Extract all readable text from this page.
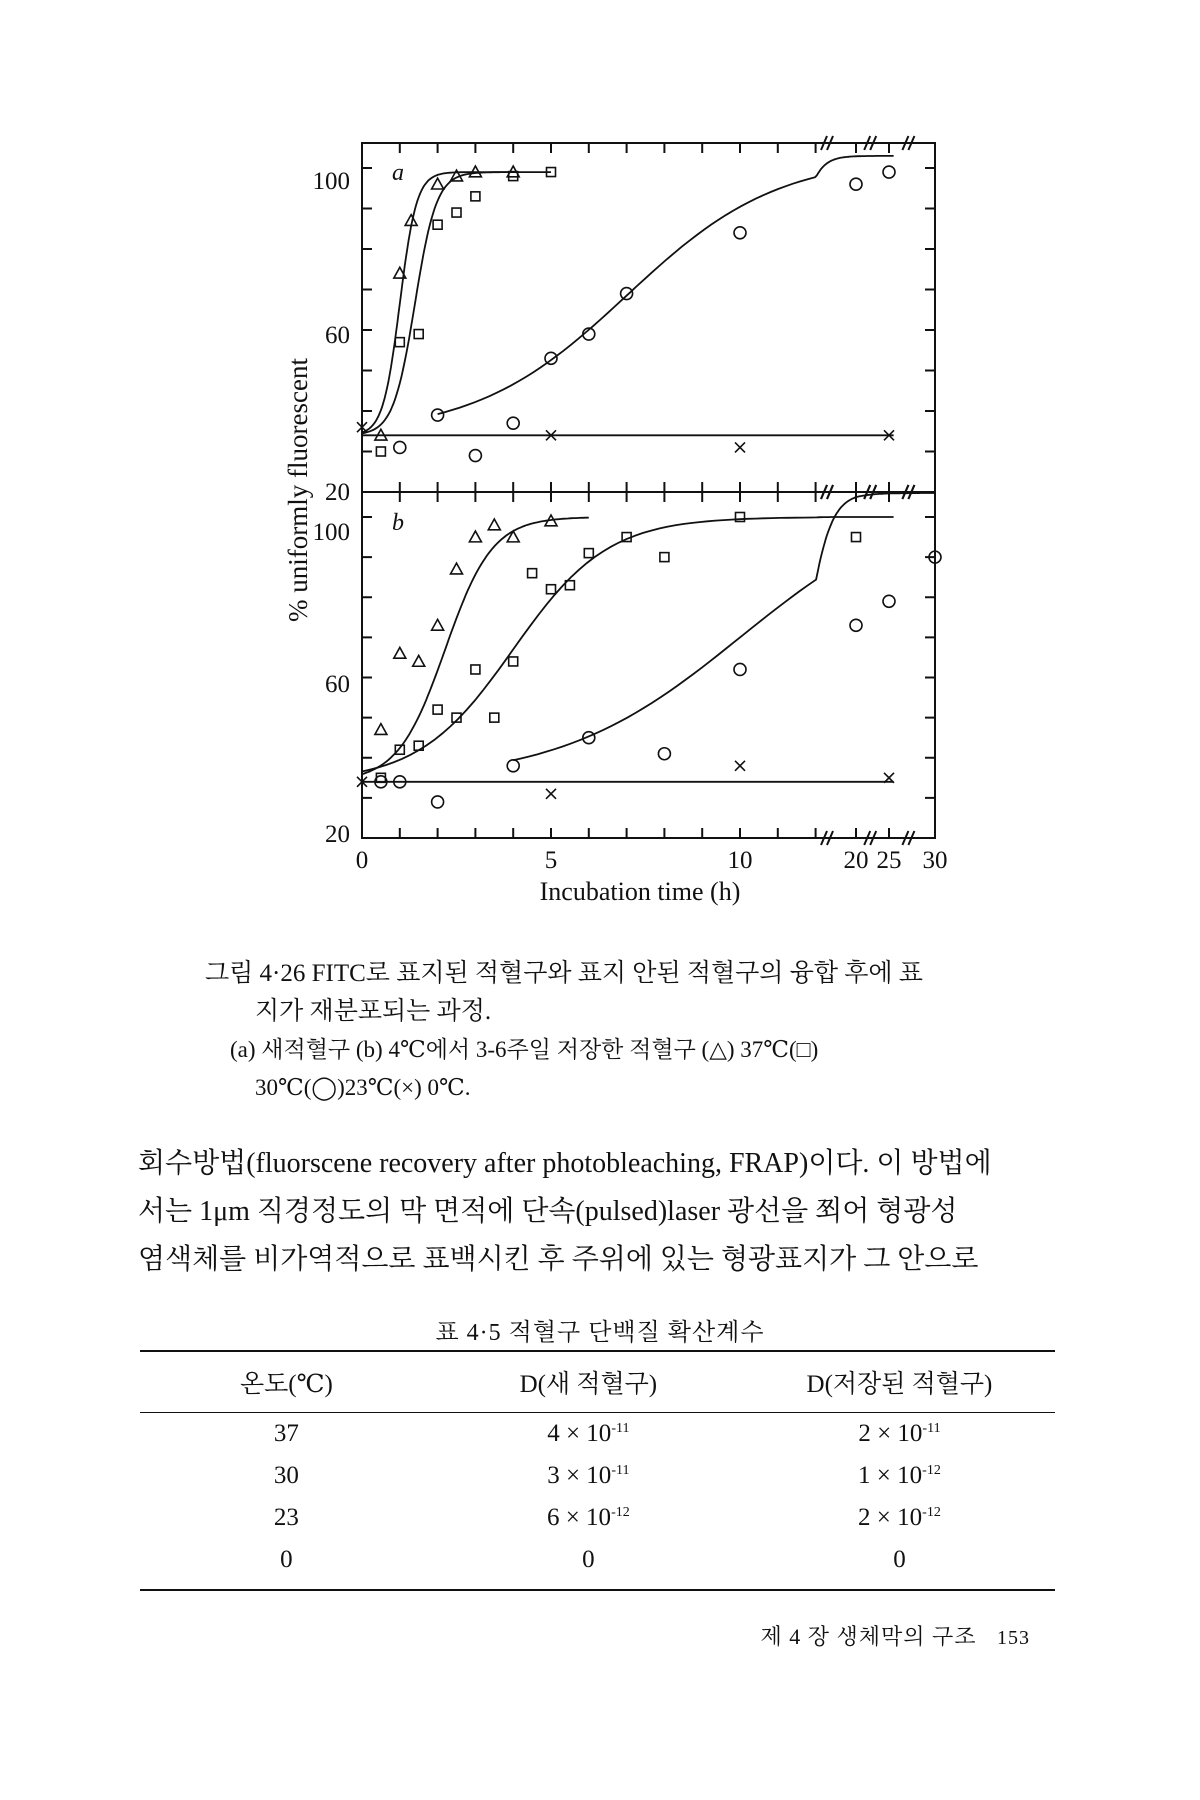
100
60
20
100
60
20
0	5	10	20 25 30
Incubation time (h)
% uniformly fluorescent
a
b
그림 4·26 FITC로 표지된 적혈구와 표지 안된 적혈구의 융합 후에 표
지가 재분포되는 과정.
(a) 새적혈구 (b) 4℃에서 3-6주일 저장한 적혈구 (△) 37℃(□)
30℃(◯)23℃(×) 0℃.
회수방법(fluorscene recovery after photobleaching, FRAP)이다. 이 방법에
서는 1μm 직경정도의 막 면적에 단속(pulsed)laser 광선을 쬐어 형광성
염색체를 비가역적으로 표백시킨 후 주위에 있는 형광표지가 그 안으로
표 4·5 적혈구 단백질 확산계수
온도(℃)	D(새 적혈구)	D(저장된 적혈구)
37	$4 \times 10^{-11}$	$2 \times 10^{-11}$
30	$3 \times 10^{-11}$	$1 \times 10^{-12}$
23	$6 \times 10^{-12}$	$2 \times 10^{-12}$
0	0	0
제 4 장 생체막의 구조 153
